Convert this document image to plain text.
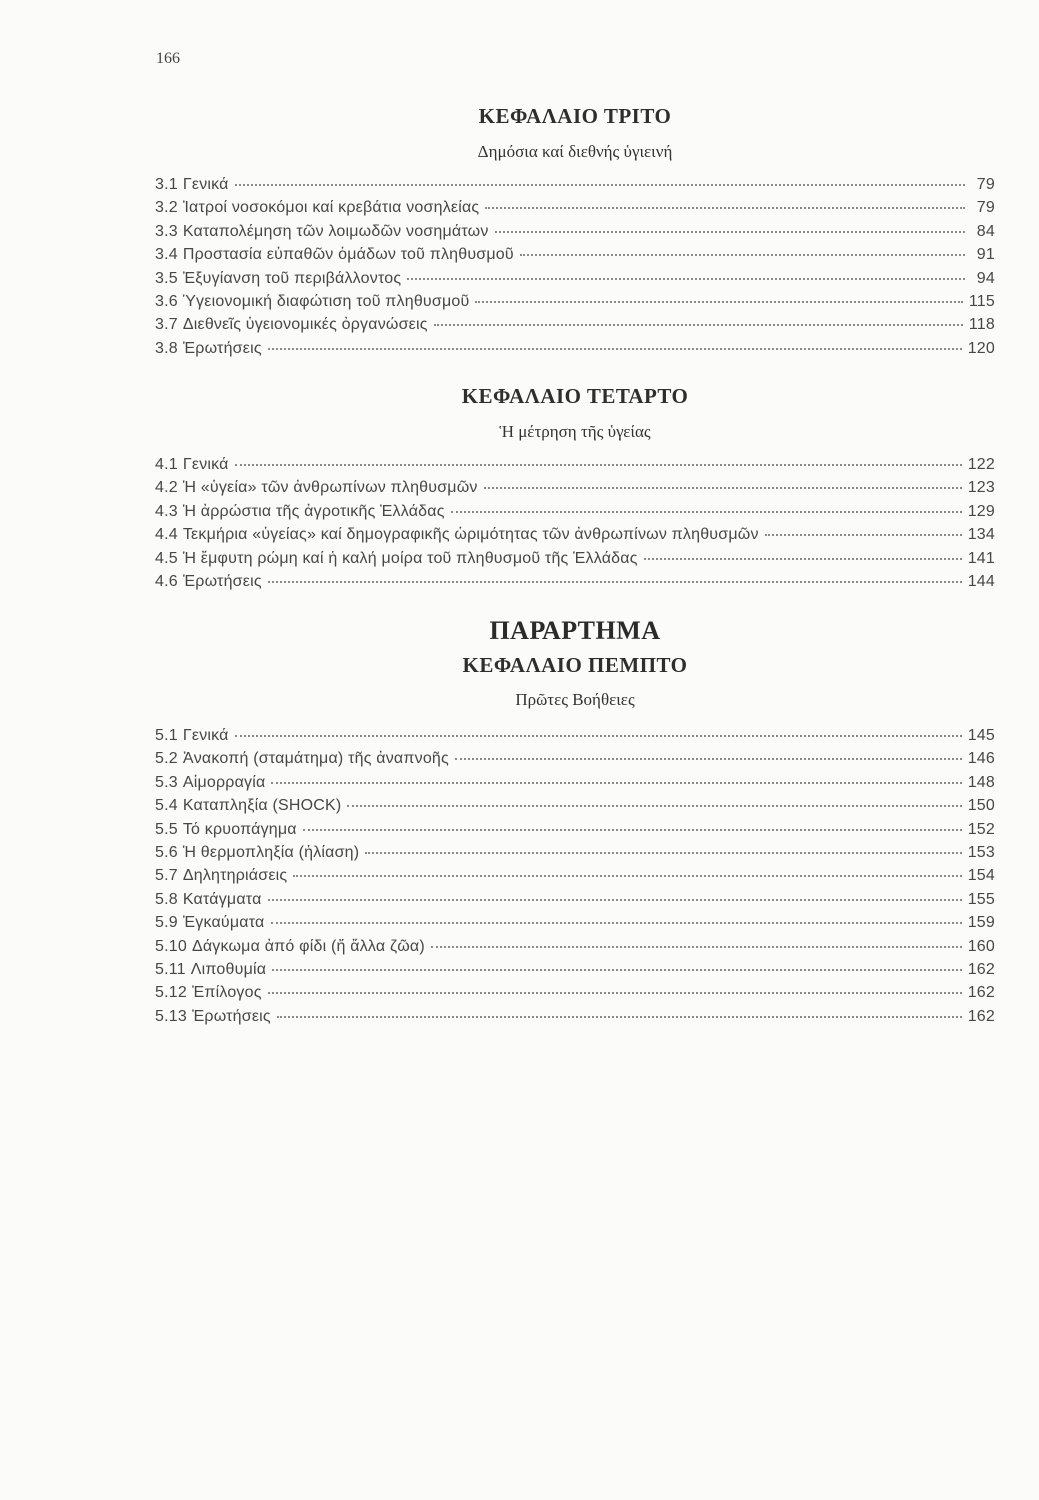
166
ΚΕΦΑΛΑΙΟ ΤΡΙΤΟ

Δημόσια καί διεθνής ὑγιεινή

3.1 Γενικά	79
3.2 Ἰατροί νοσοκόμοι καί κρεβάτια νοσηλείας	79
3.3 Καταπολέμηση τῶν λοιμωδῶν νοσημάτων	84
3.4 Προστασία εὐπαθῶν ὁμάδων τοῦ πληθυσμοῦ	91
3.5 Ἐξυγίανση τοῦ περιβάλλοντος	94
3.6 Ὑγειονομική διαφώτιση τοῦ πληθυσμοῦ	115
3.7 Διεθνεῖς ὑγειονομικές ὀργανώσεις	118
3.8 Ἐρωτήσεις	120
ΚΕΦΑΛΑΙΟ ΤΕΤΑΡΤΟ

Ἡ μέτρηση τῆς ὑγείας

4.1 Γενικά	122
4.2 Ἡ «ὑγεία» τῶν ἀνθρωπίνων πληθυσμῶν	123
4.3 Ἡ ἀρρώστια τῆς ἀγροτικῆς Ἑλλάδας	129
4.4 Τεκμήρια «ὑγείας» καί δημογραφικῆς ὡριμότητας τῶν ἀνθρωπίνων πληθυσμῶν	134
4.5 Ἡ ἔμφυτη ρώμη καί ἡ καλή μοίρα τοῦ πληθυσμοῦ τῆς Ἑλλάδας	141
4.6 Ἐρωτήσεις	144
ΠΑΡΑΡΤΗΜΑ
ΚΕΦΑΛΑΙΟ ΠΕΜΠΤΟ

Πρῶτες Βοήθειες

5.1 Γενικά	145
5.2 Ἀνακοπή (σταμάτημα) τῆς ἀναπνοῆς	146
5.3 Αἱμορραγία	148
5.4 Καταπληξία (SHOCK)	150
5.5 Τό κρυοπάγημα	152
5.6 Ἡ θερμοπληξία (ἡλίαση)	153
5.7 Δηλητηριάσεις	154
5.8 Κατάγματα	155
5.9 Ἐγκαύματα	159
5.10 Δάγκωμα ἀπό φίδι (ἤ ἄλλα ζῶα)	160
5.11 Λιποθυμία	162
5.12 Ἐπίλογος	162
5.13 Ἐρωτήσεις	162
